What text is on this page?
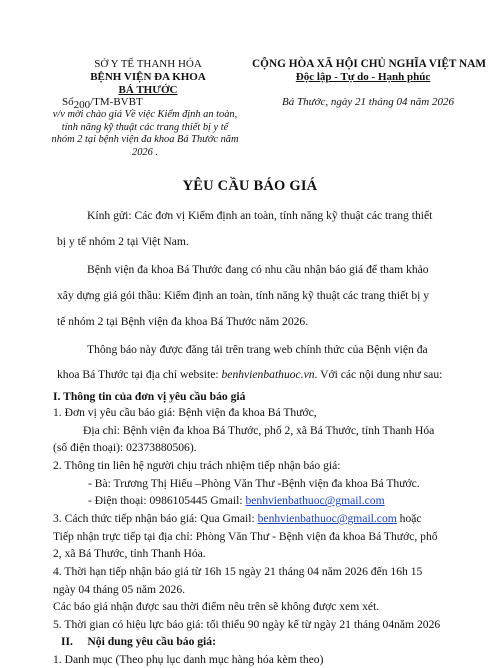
SỞ Y TẾ THANH HÓA
BỆNH VIỆN ĐA KHOA
BÁ THƯỚC
CỘNG HÒA XÃ HỘI CHỦ NGHĨA VIỆT NAM
Độc lập - Tự do - Hạnh phúc
Số200/TM-BVBT
v/v mời chào giá Về việc Kiểm định an toàn, tính năng kỹ thuật các trang thiết bị y tế nhóm 2 tại bệnh viện đa khoa Bá Thước năm 2026 .
Bá Thước, ngày 21 tháng 04 năm 2026
YÊU CẦU BÁO GIÁ
Kính gửi: Các đơn vị Kiểm định an toàn, tính năng kỹ thuật các trang thiết
bị y tế nhóm 2 tại Việt Nam.
Bệnh viện đa khoa Bá Thước đang có nhu cầu nhận báo giá để tham khảo
xây dựng giá gói thầu: Kiểm định an toàn, tính năng kỹ thuật các trang thiết bị y
tế nhóm 2 tại Bệnh viện đa khoa Bá Thước năm 2026.
Thông báo này được đăng tải trên trang web chính thức của Bệnh viện đa
khoa Bá Thước tại địa chỉ website: benhvienbathuoc.vn. Với các nội dung như sau:
I. Thông tin của đơn vị yêu cầu báo giá
1. Đơn vị yêu cầu báo giá: Bệnh viện đa khoa Bá Thước,
Địa chỉ: Bệnh viện đa khoa Bá Thước, phố 2, xã Bá Thước, tỉnh Thanh Hóa
(số điện thoại): 02373880506).
2. Thông tin liên hệ người chịu trách nhiệm tiếp nhận báo giá:
- Bà: Trương Thị Hiếu –Phòng Văn Thư -Bệnh viện đa khoa Bá Thước.
- Điện thoại: 0986105445 Gmail: benhvienbathuoc@gmail.com
3. Cách thức tiếp nhận báo giá: Qua Gmail: benhvienbathuoc@gmail.com hoặc
Tiếp nhận trực tiếp tại địa chỉ: Phòng Văn Thư - Bệnh viện đa khoa Bá Thước, phố
2, xã Bá Thước, tỉnh Thanh Hóa.
4. Thời hạn tiếp nhận báo giá từ 16h 15 ngày 21 tháng 04 năm 2026 đến 16h 15
ngày 04 tháng 05 năm 2026.
Các báo giá nhận được sau thời điểm nêu trên sẽ không được xem xét.
5. Thời gian có hiệu lực báo giá: tối thiểu 90 ngày kể từ ngày 21 tháng 04năm 2026
II.     Nội dung yêu cầu báo giá:
1. Danh mục (Theo phụ lục danh mục hàng hóa kèm theo)
